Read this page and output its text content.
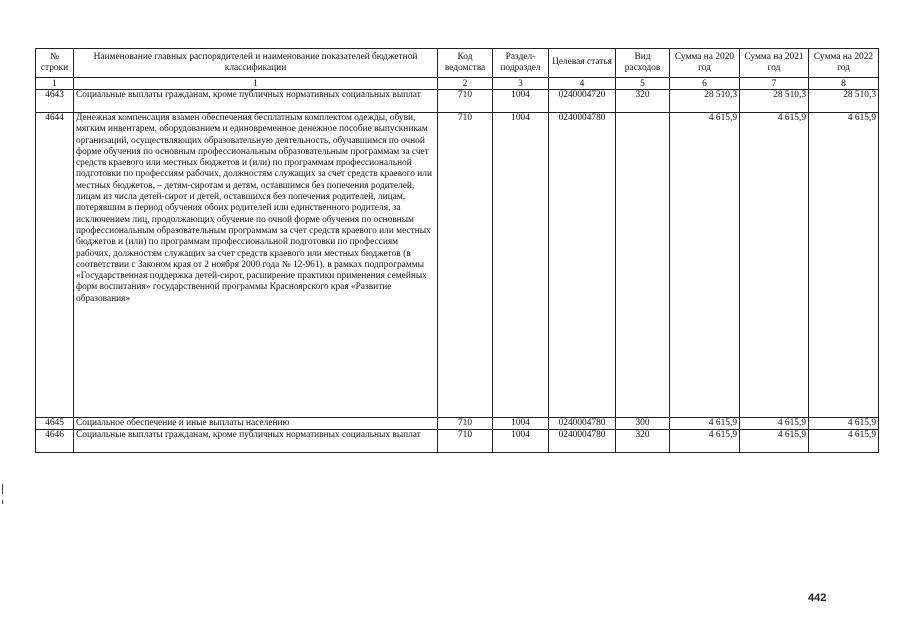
№ строки	Наименование главных распорядителей и наименование показателей бюджетной классификации	Код ведомства	Раздел-подраздел	Целевая статья	Вид расходов	Сумма на 2020 год	Сумма на 2021 год	Сумма на 2022 год
1	1	2	3	4	5	6	7	8
4643	Социальные выплаты гражданам, кроме публичных нормативных социальных выплат	710	1004	0240004720	320	28 510,3	28 510,3	28 510,3
4644	Денежная компенсация взамен обеспечения бесплатным комплектом одежды, обуви, мягким инвентарем, оборудованием и единовременное денежное пособие выпускникам организаций, осуществляющих образовательную деятельность, обучавшимся по очной форме обучения по основным профессиональным образовательным программам за счет средств краевого или местных бюджетов и (или) по программам профессиональной подготовки по профессиям рабочих, должностям служащих за счет средств краевого или местных бюджетов, – детям-сиротам и детям, оставшимся без попечения родителей, лицам из числа детей-сирот и детей, оставшихся без попечения родителей, лицам, потерявшим в период обучения обоих родителей или единственного родителя, за исключением лиц, продолжающих обучение по очной форме обучения по основным профессиональным образовательным программам за счет средств краевого или местных бюджетов и (или) по программам профессиональной подготовки по профессиям рабочих, должностям служащих за счет средств краевого или местных бюджетов (в соответствии с Законом края от 2 ноября 2000 года № 12-961), в рамках подпрограммы «Государственная поддержка детей-сирот, расширение практики применения семейных форм воспитания» государственной программы Красноярского края «Развитие образования»	710	1004	0240004780		4 615,9	4 615,9	4 615,9
4645	Социальное обеспечение и иные выплаты населению	710	1004	0240004780	300	4 615,9	4 615,9	4 615,9
4646	Социальные выплаты гражданам, кроме публичных нормативных социальных выплат	710	1004	0240004780	320	4 615,9	4 615,9	4 615,9
442
